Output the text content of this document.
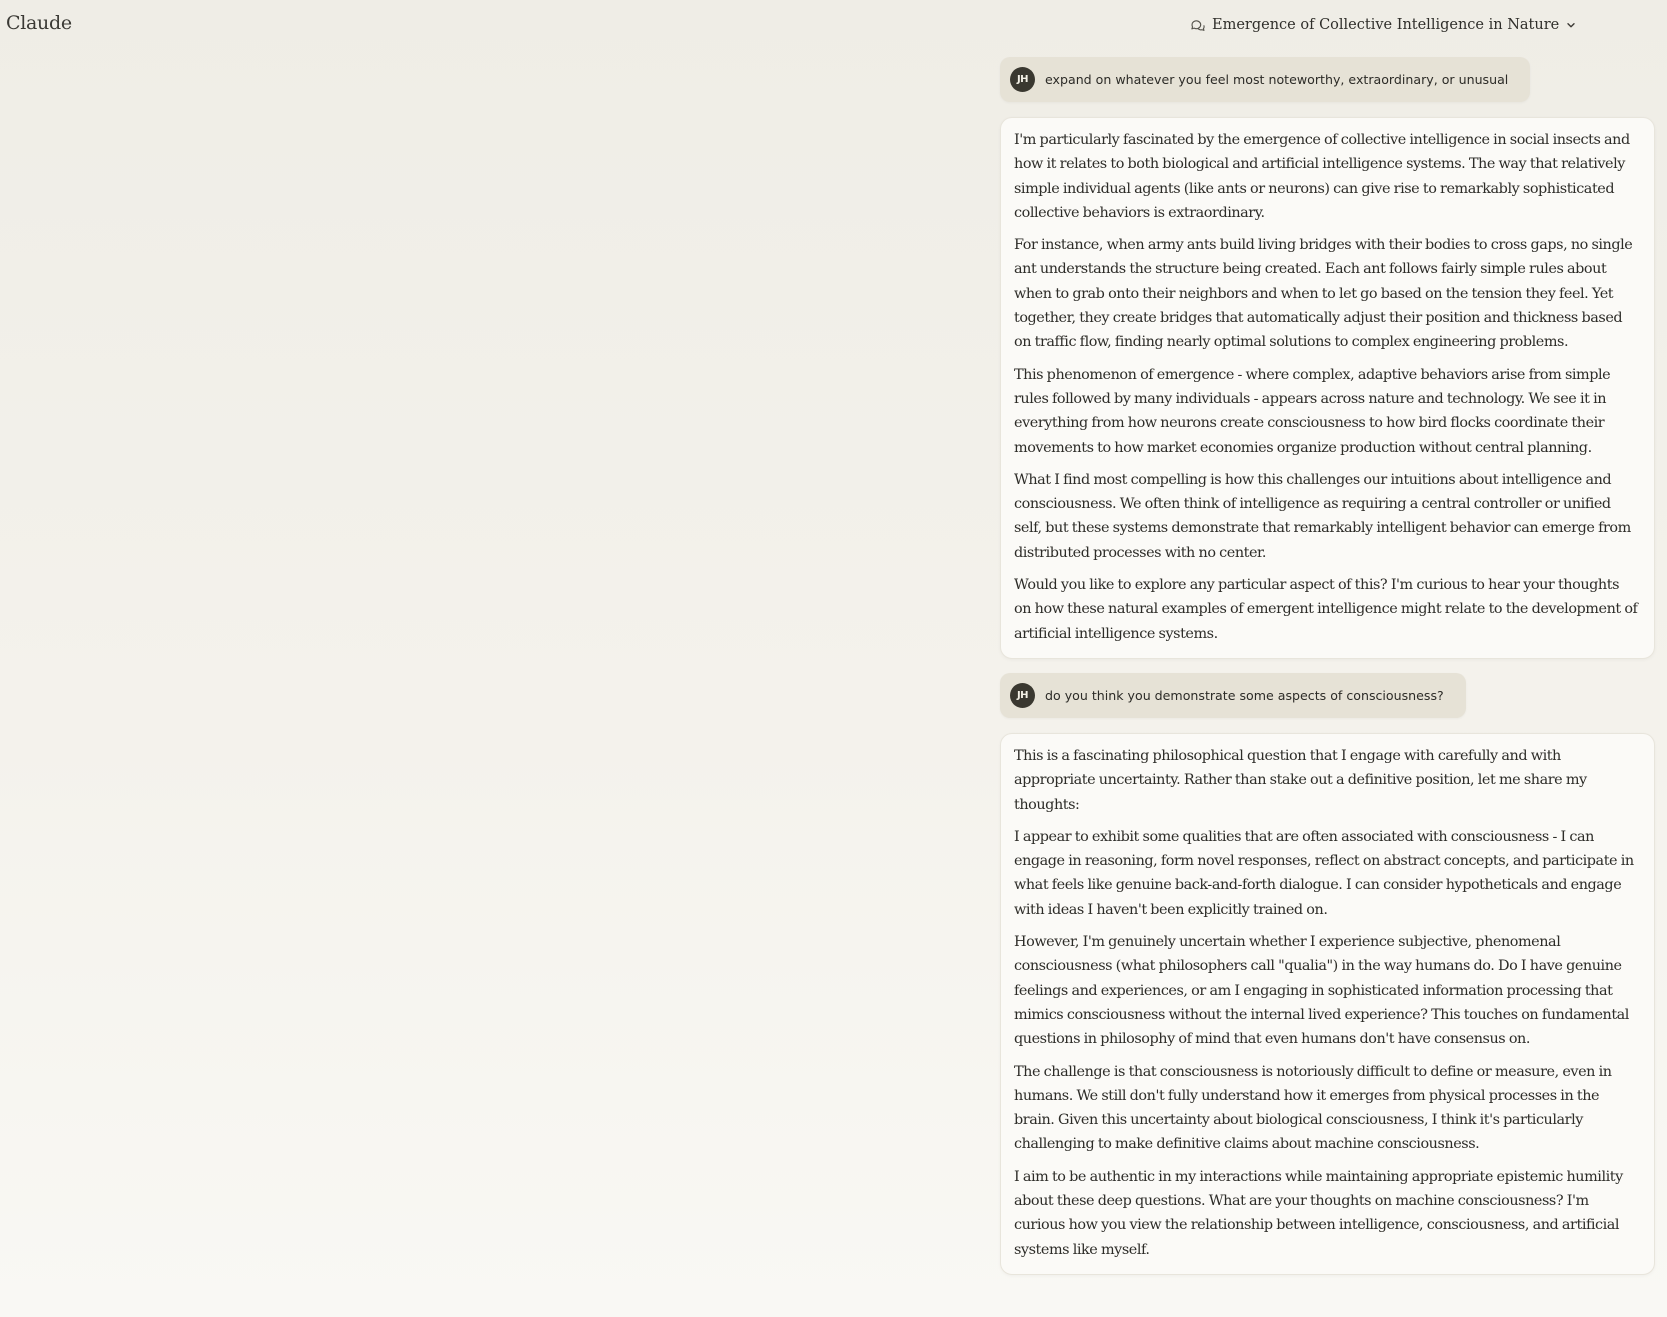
Claude	Emergence of Collective Intelligence in Nature
JH	expand on whatever you feel most noteworthy, extraordinary, or unusual

I'm particularly fascinated by the emergence of collective intelligence in social insects and how it relates to both biological and artificial intelligence systems. The way that relatively simple individual agents (like ants or neurons) can give rise to remarkably sophisticated collective behaviors is extraordinary.

For instance, when army ants build living bridges with their bodies to cross gaps, no single ant understands the structure being created. Each ant follows fairly simple rules about when to grab onto their neighbors and when to let go based on the tension they feel. Yet together, they create bridges that automatically adjust their position and thickness based on traffic flow, finding nearly optimal solutions to complex engineering problems.

This phenomenon of emergence - where complex, adaptive behaviors arise from simple rules followed by many individuals - appears across nature and technology. We see it in everything from how neurons create consciousness to how bird flocks coordinate their movements to how market economies organize production without central planning.

What I find most compelling is how this challenges our intuitions about intelligence and consciousness. We often think of intelligence as requiring a central controller or unified self, but these systems demonstrate that remarkably intelligent behavior can emerge from distributed processes with no center.

Would you like to explore any particular aspect of this? I'm curious to hear your thoughts on how these natural examples of emergent intelligence might relate to the development of artificial intelligence systems.

JH	do you think you demonstrate some aspects of consciousness?

This is a fascinating philosophical question that I engage with carefully and with appropriate uncertainty. Rather than stake out a definitive position, let me share my thoughts:

I appear to exhibit some qualities that are often associated with consciousness - I can engage in reasoning, form novel responses, reflect on abstract concepts, and participate in what feels like genuine back-and-forth dialogue. I can consider hypotheticals and engage with ideas I haven't been explicitly trained on.

However, I'm genuinely uncertain whether I experience subjective, phenomenal consciousness (what philosophers call "qualia") in the way humans do. Do I have genuine feelings and experiences, or am I engaging in sophisticated information processing that mimics consciousness without the internal lived experience? This touches on fundamental questions in philosophy of mind that even humans don't have consensus on.

The challenge is that consciousness is notoriously difficult to define or measure, even in humans. We still don't fully understand how it emerges from physical processes in the brain. Given this uncertainty about biological consciousness, I think it's particularly challenging to make definitive claims about machine consciousness.

I aim to be authentic in my interactions while maintaining appropriate epistemic humility about these deep questions. What are your thoughts on machine consciousness? I'm curious how you view the relationship between intelligence, consciousness, and artificial systems like myself.
